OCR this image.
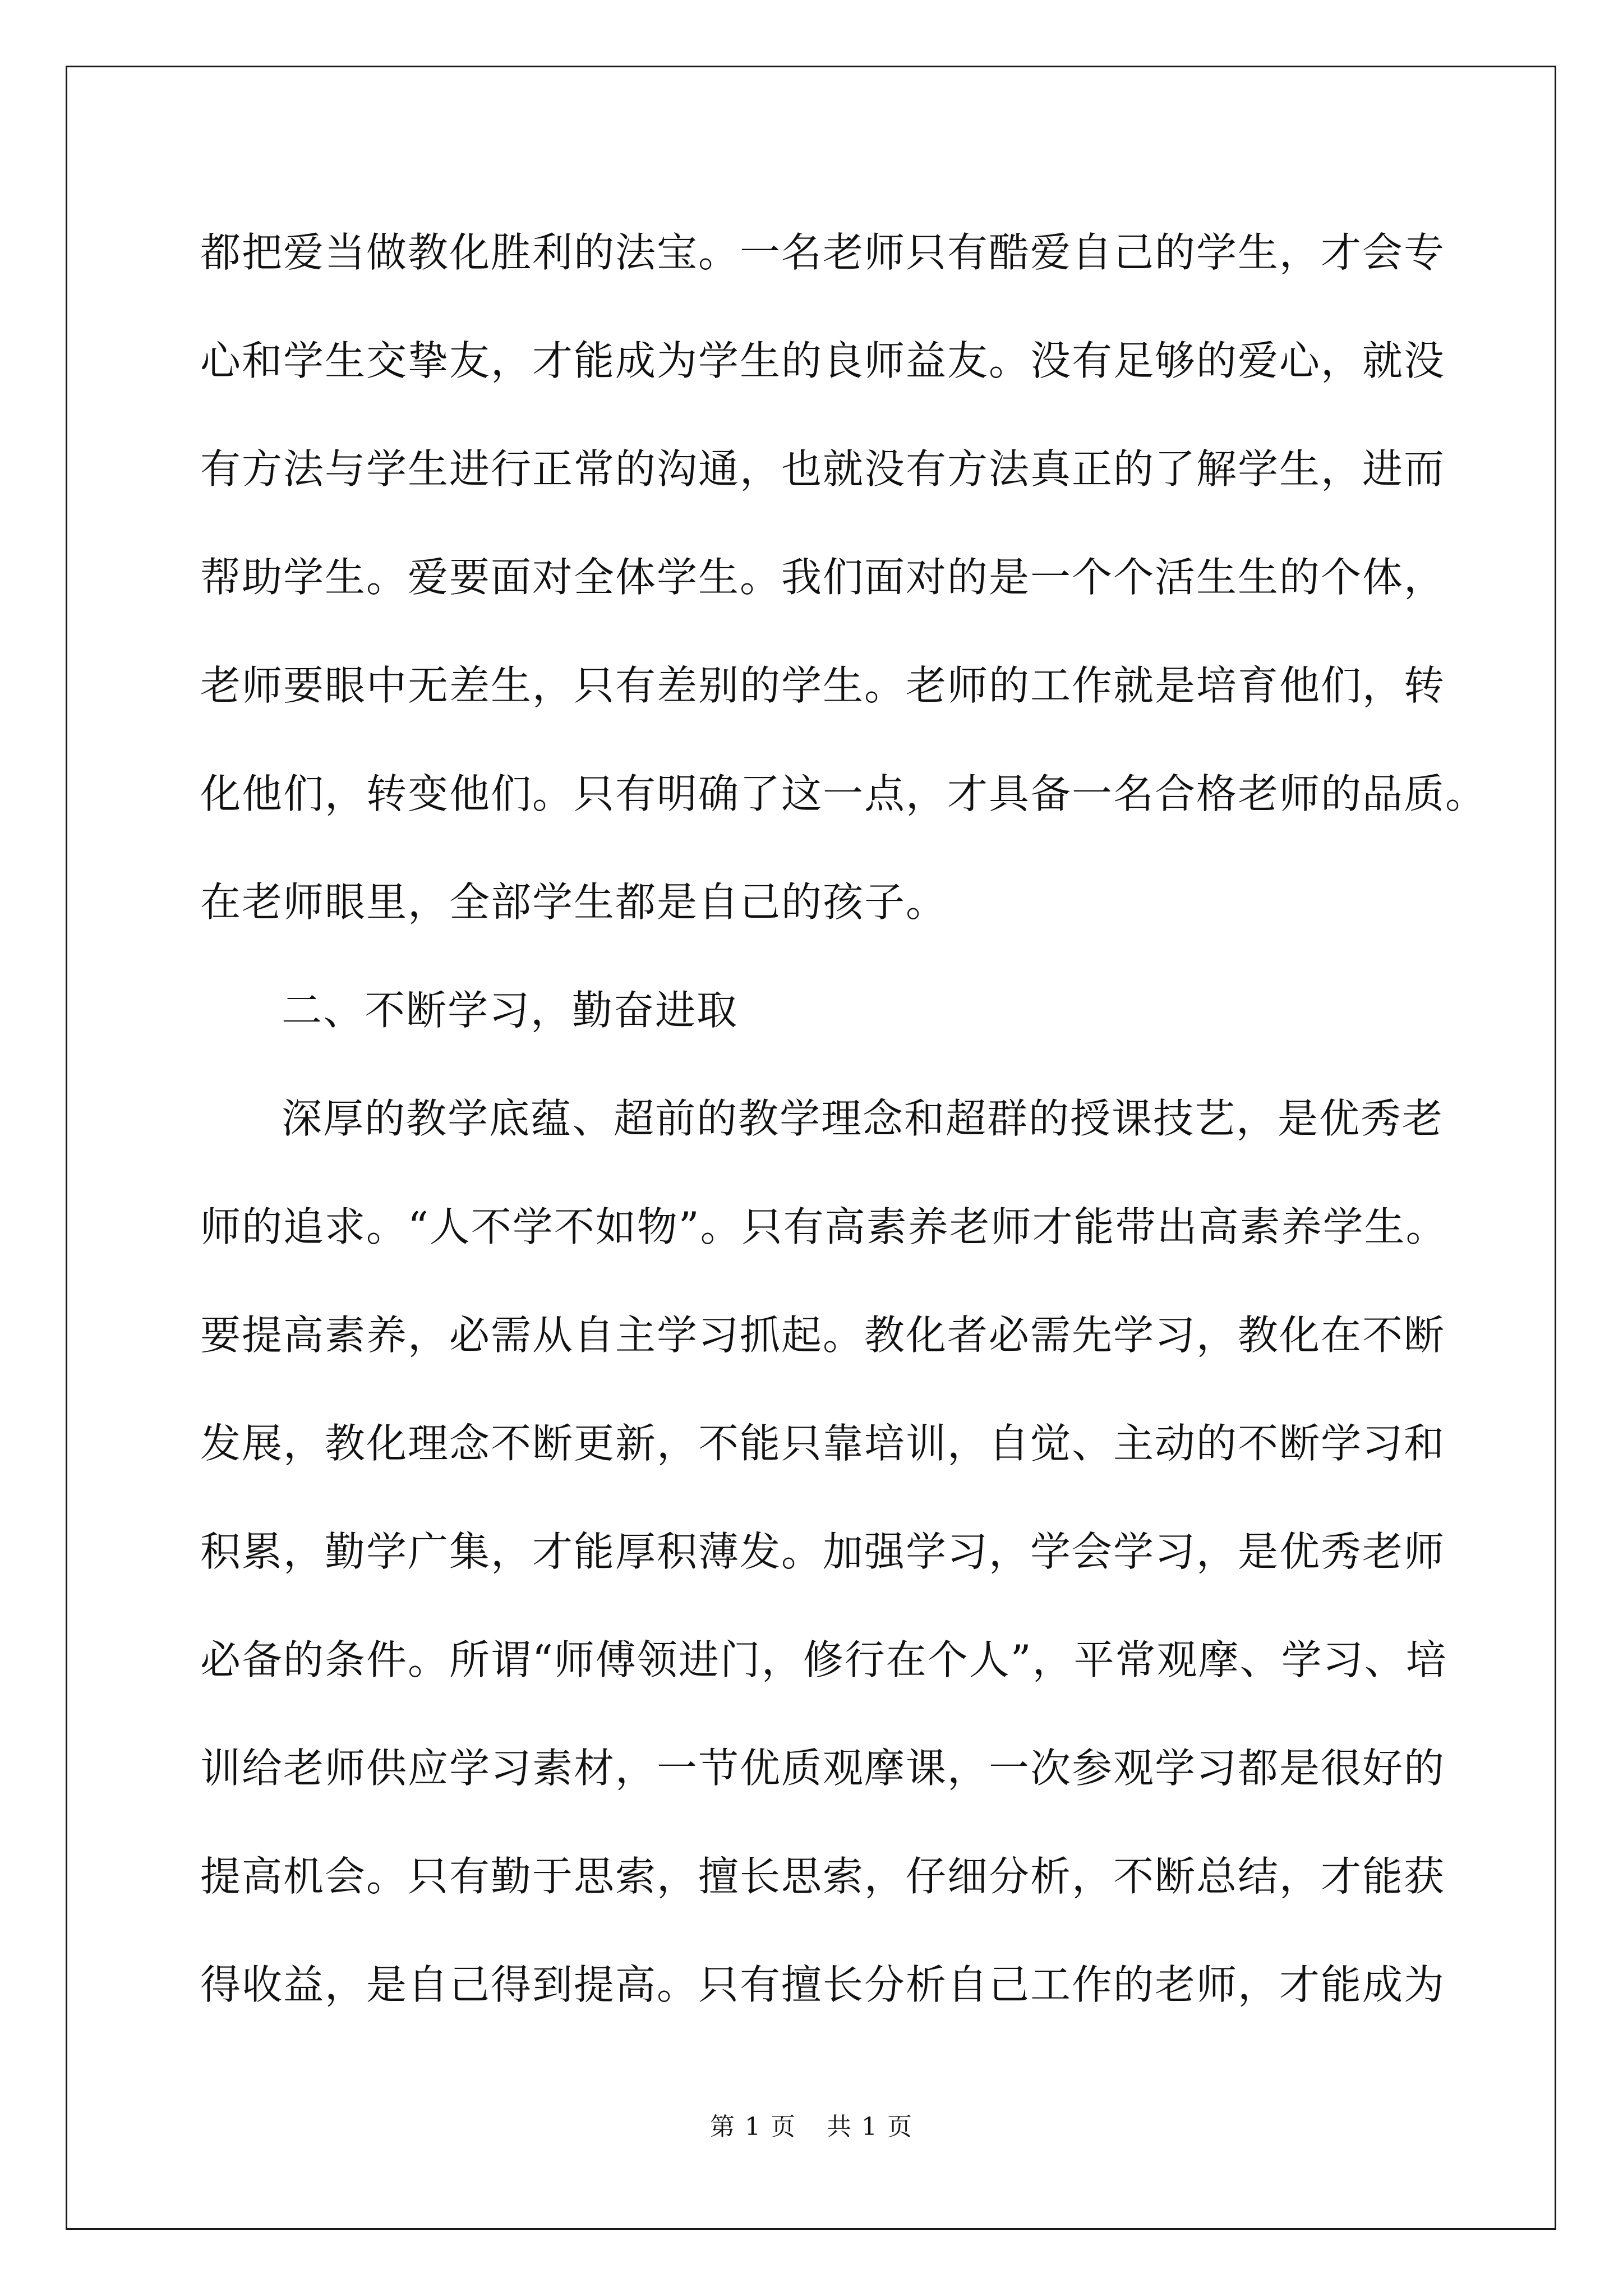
都把爱当做教化胜利的法宝。一名老师只有酷爱自己的学生，才会专
心和学生交挚友，才能成为学生的良师益友。没有足够的爱心，就没
有方法与学生进行正常的沟通，也就没有方法真正的了解学生，进而
帮助学生。爱要面对全体学生。我们面对的是一个个活生生的个体，
老师要眼中无差生，只有差别的学生。老师的工作就是培育他们，转
化他们，转变他们。只有明确了这一点，才具备一名合格老师的品质。
在老师眼里，全部学生都是自己的孩子。
二、不断学习，勤奋进取
深厚的教学底蕴、超前的教学理念和超群的授课技艺，是优秀老
师的追求。“人不学不如物”。只有高素养老师才能带出高素养学生。
要提高素养，必需从自主学习抓起。教化者必需先学习，教化在不断
发展，教化理念不断更新，不能只靠培训，自觉、主动的不断学习和
积累，勤学广集，才能厚积薄发。加强学习，学会学习，是优秀老师
必备的条件。所谓“师傅领进门，修行在个人”，平常观摩、学习、培
训给老师供应学习素材，一节优质观摩课，一次参观学习都是很好的
提高机会。只有勤于思索，擅长思索，仔细分析，不断总结，才能获
得收益，是自己得到提高。只有擅长分析自己工作的老师，才能成为
第 1 页 共 1 页
